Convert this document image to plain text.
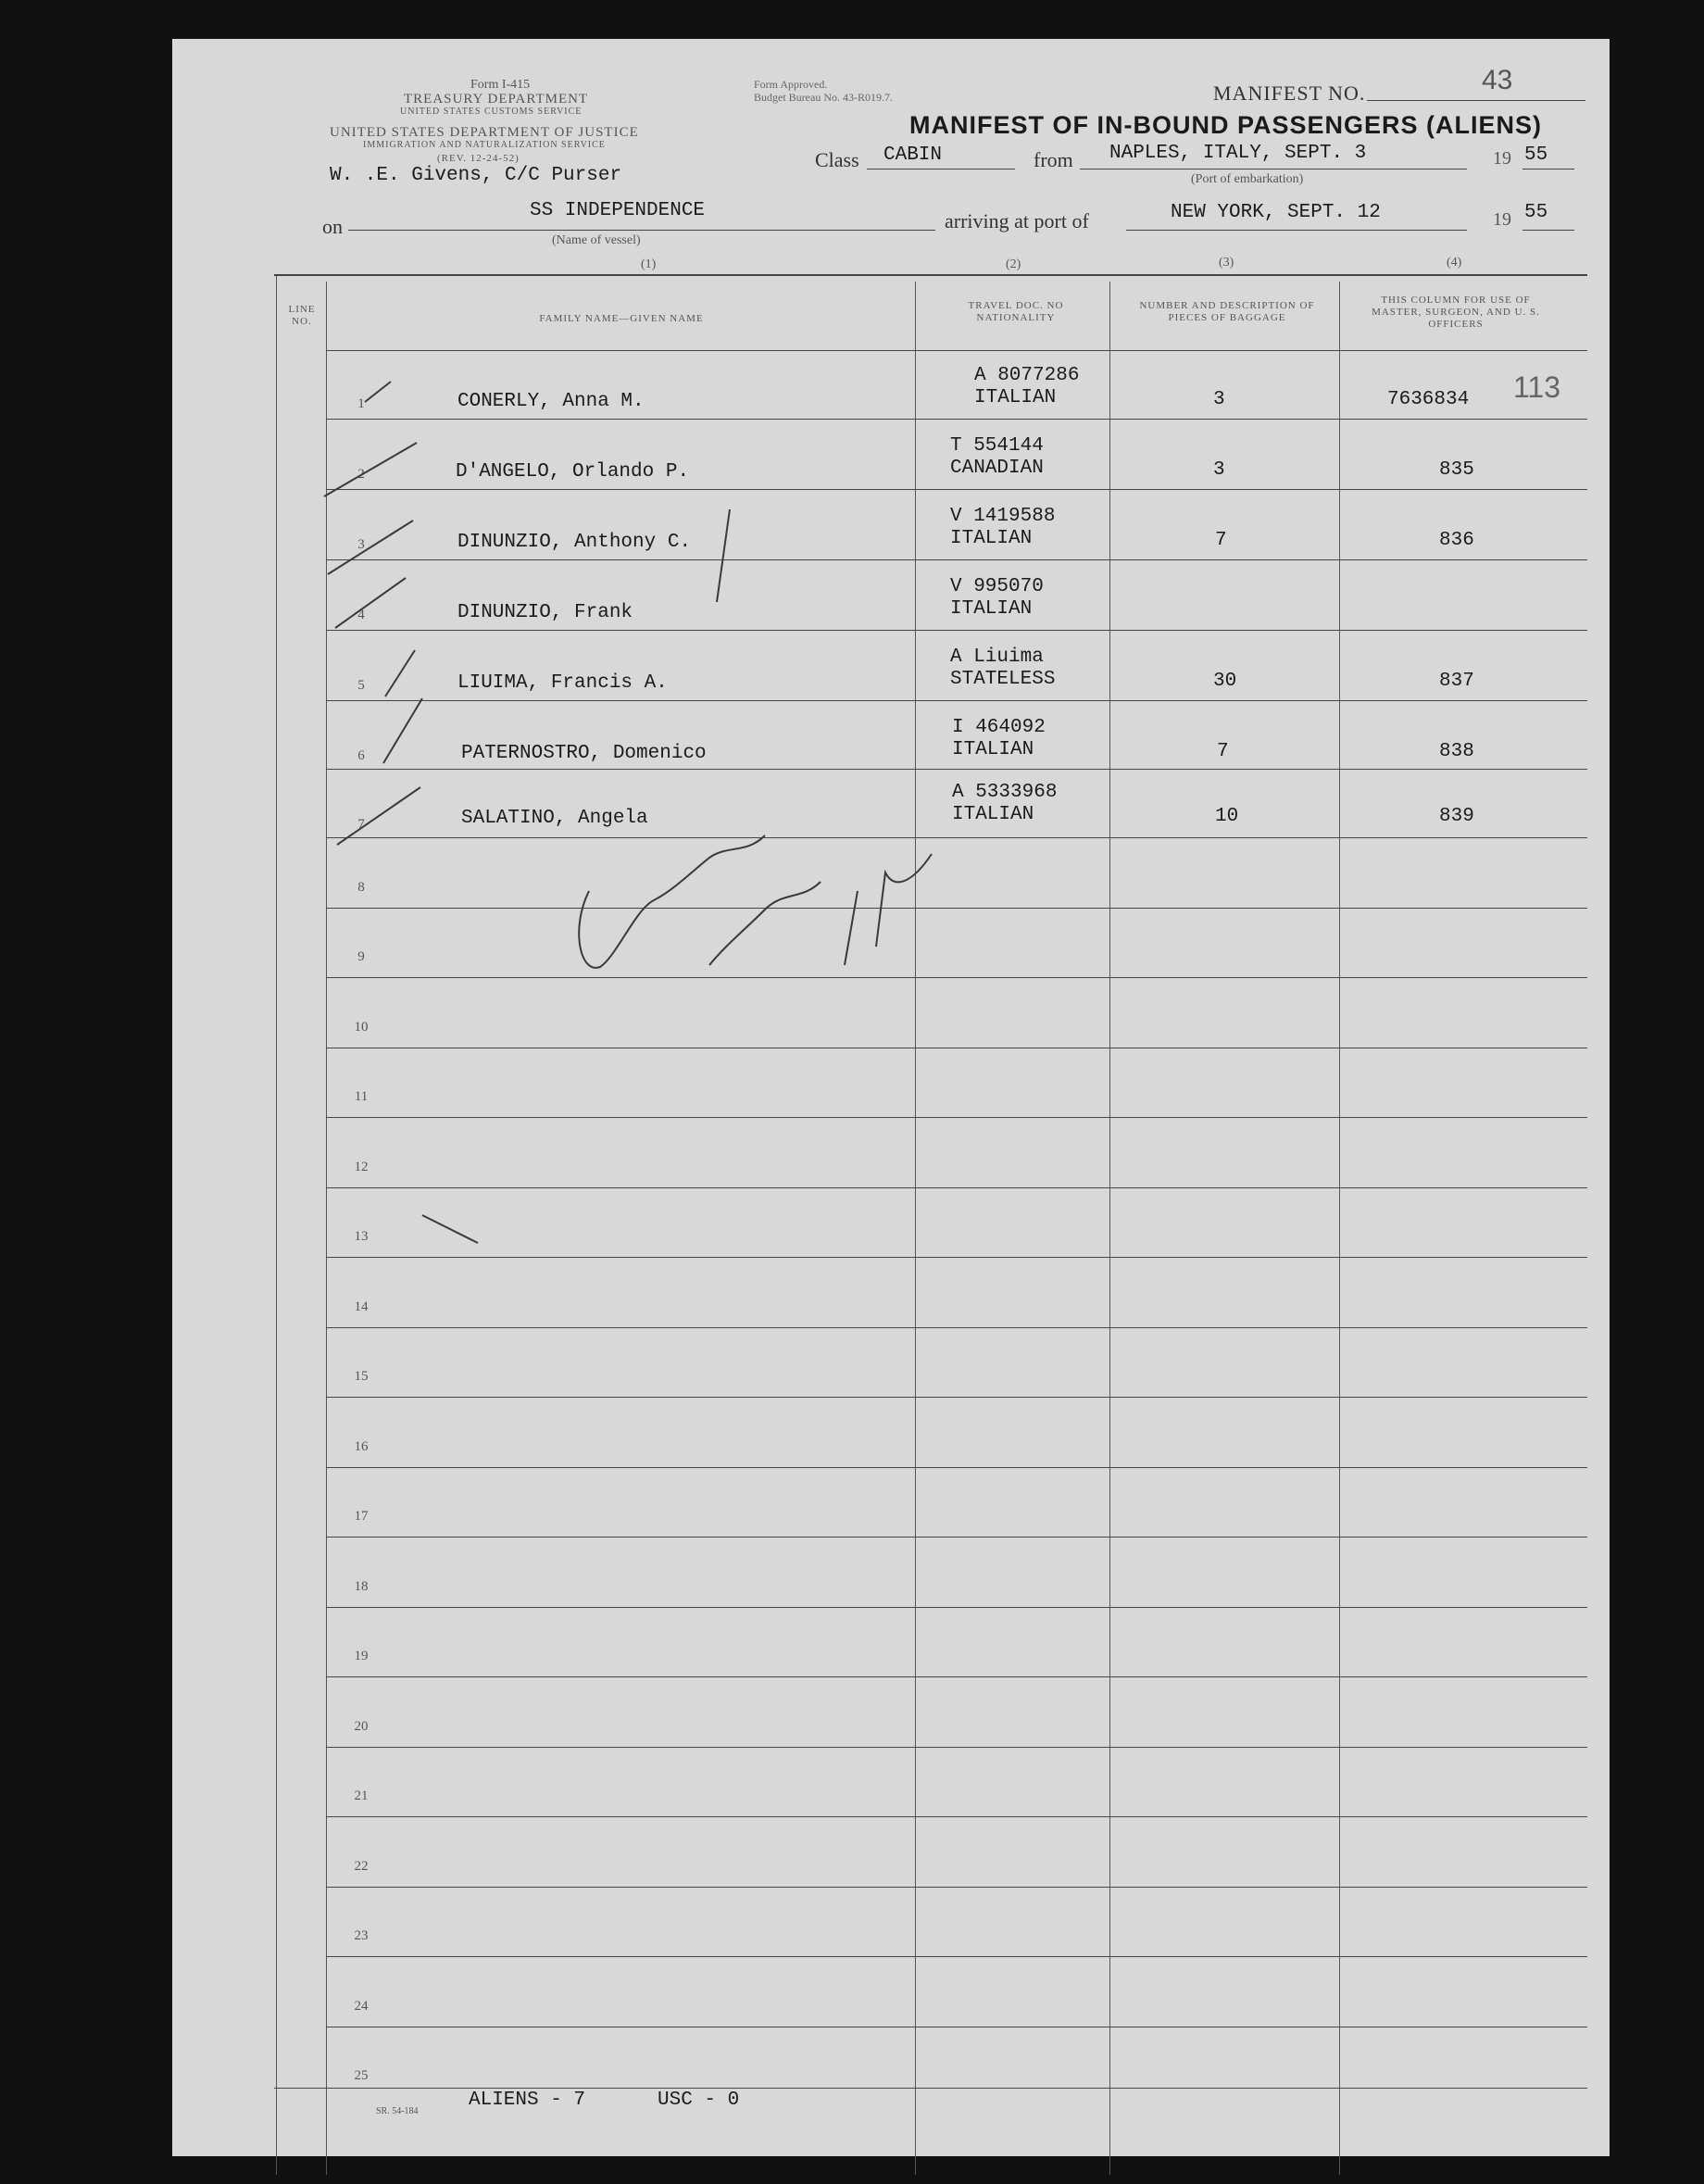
Form I-415
TREASURY DEPARTMENT
UNITED STATES CUSTOMS SERVICE
UNITED STATES DEPARTMENT OF JUSTICE
IMMIGRATION AND NATURALIZATION SERVICE
(REV. 12-24-52)
Form Approved.
Budget Bureau No. 43-R019.7.	MANIFEST NO.	43
MANIFEST OF IN-BOUND PASSENGERS (ALIENS)
W. .E. Givens, C/C Purser
Class CABIN	from NAPLES, ITALY, SEPT. 3	19 55
(Port of embarkation)
on
SS INDEPENDENCE
(Name of vessel)
arriving at port of	NEW YORK, SEPT. 12	19 55
(1)	(2)	(3)	(4)
LINE NO.	FAMILY NAME—GIVEN NAME
TRAVEL DOC. NO NATIONALITY
NUMBER AND DESCRIPTION OF PIECES OF BAGGAGE
THIS COLUMN FOR USE OF MASTER, SURGEON, AND U. S. OFFICERS
1	CONERLY, Anna M.
A 8077286
ITALIAN	3	7636834
2	D'ANGELO, Orlando P.
T 554144
CANADIAN	3	835
3	DINUNZIO, Anthony C.
V 1419588
ITALIAN	7	836
4	DINUNZIO, Frank
V 995070
ITALIAN
5	LIUIMA, Francis A.
A Liuima
STATELESS	30	837
6	PATERNOSTRO, Domenico
I 464092
ITALIAN	7	838
7	SALATINO, Angela
A 5333968
ITALIAN	10	839
8
9
10
11
12
13
14
15
16
17
18
19
20
21
22
23
24
25
113
SR. 54-184
ALIENS - 7	USC - 0
